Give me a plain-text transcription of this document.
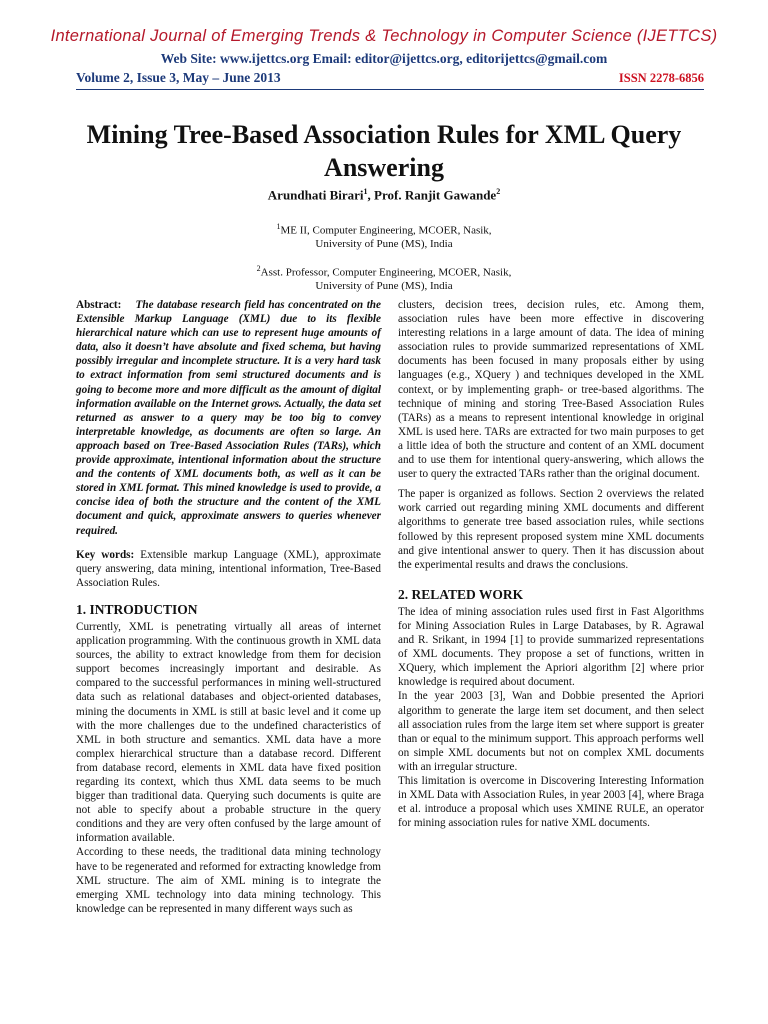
International Journal of Emerging Trends & Technology in Computer Science (IJETTCS)
Web Site: www.ijettcs.org Email: editor@ijettcs.org, editorijettcs@gmail.com
Volume 2, Issue 3, May – June 2013	ISSN 2278-6856
Mining Tree-Based Association Rules for XML Query Answering
Arundhati Birari$^1$, Prof. Ranjit Gawande$^2$
$^1$ME II, Computer Engineering, MCOER, Nasik,
University of Pune (MS), India
$^2$Asst. Professor, Computer Engineering, MCOER, Nasik,
University of Pune (MS), India

Abstract: The database research field has concentrated on the Extensible Markup Language (XML) due to its flexible hierarchical nature which can use to represent huge amounts of data, also it doesn’t have absolute and fixed schema, but having possibly irregular and incomplete structure. It is a very hard task to extract information from semi structured documents and is going to become more and more difficult as the amount of digital information available on the Internet grows. Actually, the data set returned as answer to a query may be too big to convey interpretable knowledge, as documents are often so large. An approach based on Tree-Based Association Rules (TARs), which provide approximate, intentional information about the structure and the contents of XML documents both, as well as it can be stored in XML format. This mined knowledge is used to provide, a concise idea of both the structure and the content of the XML document and quick, approximate answers to queries whenever required.

Key words: Extensible markup Language (XML), approximate query answering, data mining, intentional information, Tree-Based Association Rules.

1. INTRODUCTION

Currently, XML is penetrating virtually all areas of internet application programming. With the continuous growth in XML data sources, the ability to extract knowledge from them for decision support becomes increasingly important and desirable. As compared to the successful performances in mining well-structured data such as relational databases and object-oriented databases, mining the documents in XML is still at basic level and it come up with the more challenges due to the undefined characteristics of XML in both structure and semantics. XML data have a more complex hierarchical structure than a database record. Different from database record, elements in XML data have fixed position regarding its context, which thus XML data seems to be much bigger than traditional data. Querying such documents is quite are not able to specify about a probable structure in the query conditions and they are very often confused by the large amount of information available.

According to these needs, the traditional data mining technology have to be regenerated and reformed for extracting knowledge from XML structure. The aim of XML mining is to integrate the emerging XML technology into data mining technology. This knowledge can be represented in many different ways such as

clusters, decision trees, decision rules, etc. Among them, association rules have been more effective in discovering interesting relations in a large amount of data. The idea of mining association rules to provide summarized representations of XML documents has been focused in many proposals either by using languages (e.g., XQuery ) and techniques developed in the XML context, or by implementing graph- or tree-based algorithms. The technique of mining and storing Tree-Based Association Rules (TARs) as a means to represent intentional knowledge in original XML is used here. TARs are extracted for two main purposes to get a little idea of both the structure and content of an XML document and to use them for intentional query-answering, which allows the user to query the extracted TARs rather than the original document.

The paper is organized as follows. Section 2 overviews the related work carried out regarding mining XML documents and different algorithms to generate tree based association rules, while sections followed by this represent proposed system mine XML documents and give intentional answer to query. Then it has discussion about the experimental results and draws the conclusions.

2. RELATED WORK

The idea of mining association rules used first in Fast Algorithms for Mining Association Rules in Large Databases, by R. Agrawal and R. Srikant, in 1994 [1] to provide summarized representations of XML documents. They propose a set of functions, written in XQuery, which implement the Apriori algorithm [2] where prior knowledge is required about document.

In the year 2003 [3], Wan and Dobbie presented the Apriori algorithm to generate the large item set document, and then select all association rules from the large item set where support is greater than or equal to the minimum support. This approach performs well on simple XML documents but not on complex XML documents with an irregular structure.

This limitation is overcome in Discovering Interesting Information in XML Data with Association Rules, in year 2003 [4], where Braga et al. introduce a proposal which uses XMINE RULE, an operator for mining association rules for native XML documents.
